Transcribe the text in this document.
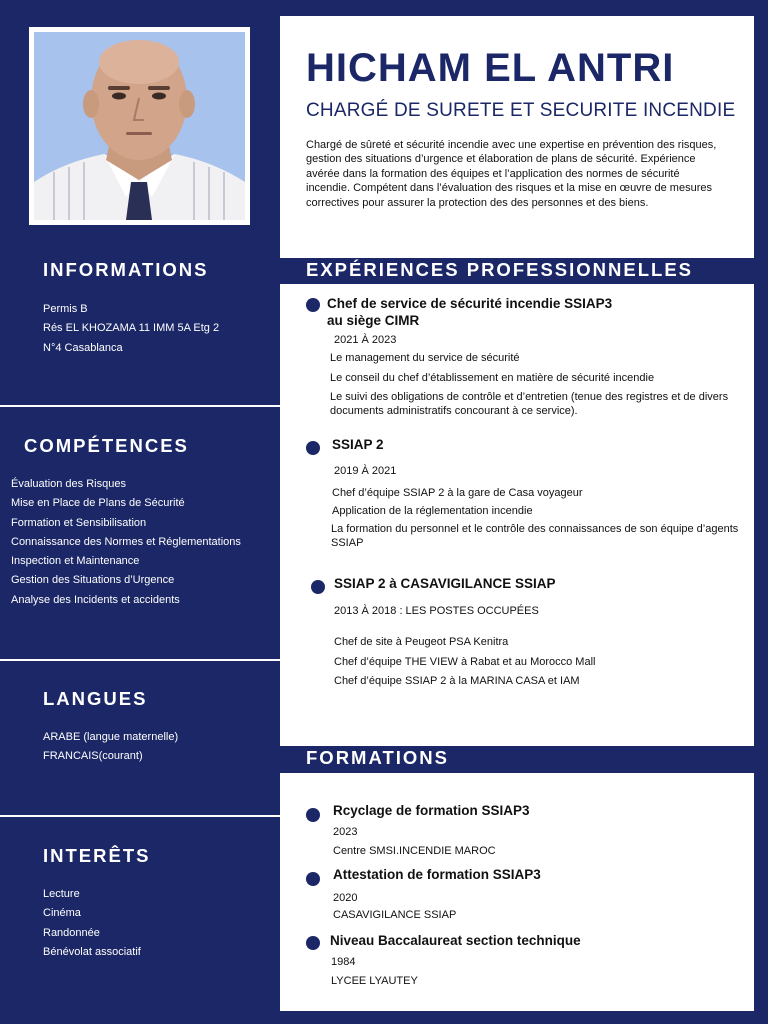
HICHAM EL ANTRI
CHARGÉ DE SURETE ET SECURITE INCENDIE
Chargé de sûreté et sécurité incendie avec une expertise en prévention des risques, gestion des situations d’urgence et élaboration de plans de sécurité. Expérience avérée dans la formation des équipes et l’application des normes de sécurité incendie. Compétent dans l’évaluation des risques et la mise en œuvre de mesures correctives pour assurer la protection des des personnes et des biens.
INFORMATIONS
Permis B
Rés EL KHOZAMA 11 IMM 5A Etg 2
N°4 Casablanca
COMPÉTENCES
Évaluation des Risques
Mise en Place de Plans de Sécurité
Formation et Sensibilisation
Connaissance des Normes et Réglementations
Inspection et Maintenance
Gestion des Situations d’Urgence
Analyse des Incidents et accidents
LANGUES
ARABE (langue maternelle)
FRANCAIS(courant)
INTERÊTS
Lecture
Cinéma
Randonnée
Bénévolat associatif
EXPÉRIENCES PROFESSIONNELLES
Chef de service de sécurité incendie SSIAP3
au siège CIMR
2021 À 2023
Le management du service de sécurité
Le conseil du chef d’établissement en matière de sécurité incendie
Le suivi des obligations de contrôle et d’entretien (tenue des registres et de divers documents administratifs concourant à ce service).
SSIAP 2
2019 À 2021
Chef d’équipe SSIAP 2 à la gare de Casa voyageur
Application de la réglementation incendie
La formation du personnel et le contrôle des connaissances de son équipe d’agents SSIAP
SSIAP 2 à CASAVIGILANCE SSIAP
2013 À 2018 : LES POSTES OCCUPÉES
Chef de site à Peugeot PSA Kenitra
Chef d’équipe THE VIEW à Rabat et au Morocco Mall
Chef d’équipe SSIAP 2 à la MARINA CASA et IAM
FORMATIONS
Rcyclage de formation SSIAP3
2023
Centre SMSI.INCENDIE MAROC
Attestation de formation SSIAP3
2020
CASAVIGILANCE SSIAP
Niveau Baccalaureat section technique
1984
LYCEE LYAUTEY
